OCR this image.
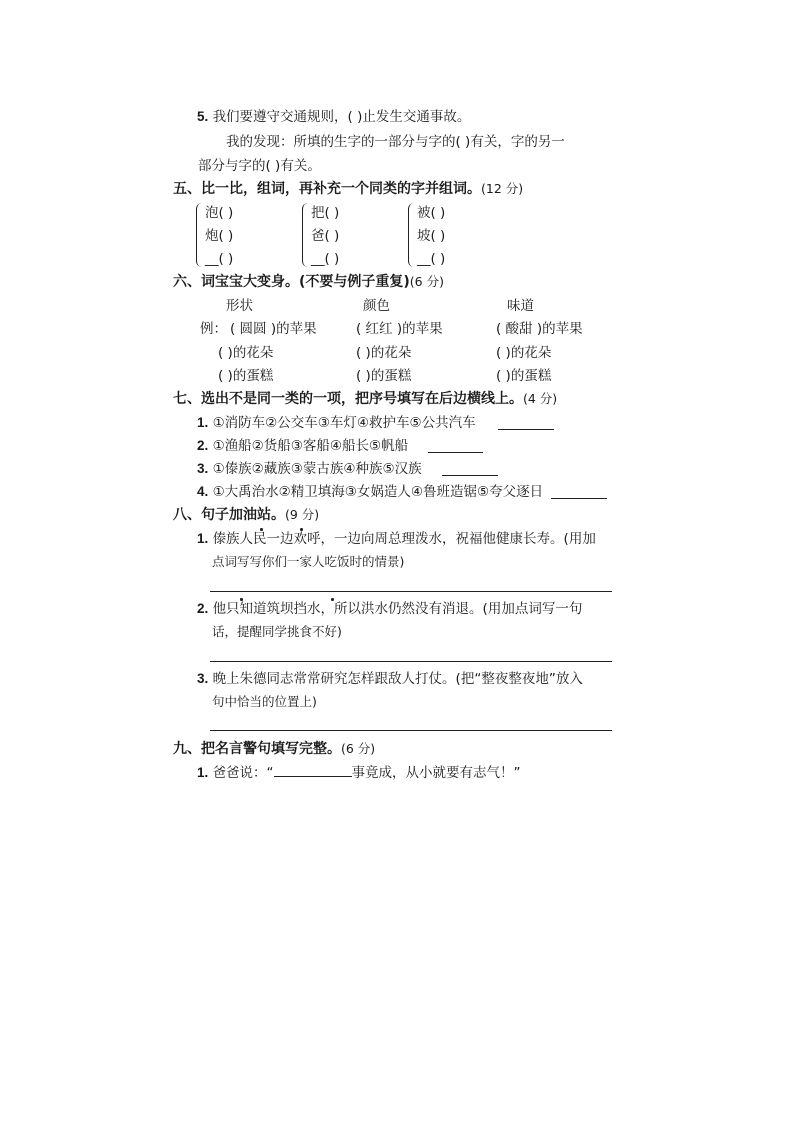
5. 我们要遵守交通规则，( )止发生交通事故。
我的发现：所填的生字的一部分与字的( )有关，字的另一
部分与字的( )有关。
五、比一比，组词，再补充一个同类的字并组词。(12 分)
泡( )
炮( )
__( )
把( )
爸( )
__( )
被( )
坡( )
__( )
六、词宝宝大变身。(不要与例子重复)(6 分)
形状	颜色	味道
例： ( 圆圆 )的苹果	( 红红 )的苹果	( 酸甜 )的苹果
( )的花朵	( )的花朵	( )的花朵
( )的蛋糕	( )的蛋糕	( )的蛋糕
七、选出不是同一类的一项，把序号填写在后边横线上。(4 分)
1. ①消防车②公交车③车灯④救护车⑤公共汽车
2. ①渔船②货船③客船④船长⑤帆船
3. ①傣族②藏族③蒙古族④种族⑤汉族
4. ①大禹治水②精卫填海③女娲造人④鲁班造锯⑤夸父逐日
八、句子加油站。(9 分)
1. 傣族人民一边欢呼，一边向周总理泼水，祝福他健康长寿。(用加
点词写写你们一家人吃饭时的情景)
2. 他只知道筑坝挡水，所以洪水仍然没有消退。(用加点词写一句
话，提醒同学挑食不好)
3. 晚上朱德同志常常研究怎样跟敌人打仗。(把“整夜整夜地”放入
句中恰当的位置上)
九、把名言警句填写完整。(6 分)
1. 爸爸说：“	事竟成，从小就要有志气！”
